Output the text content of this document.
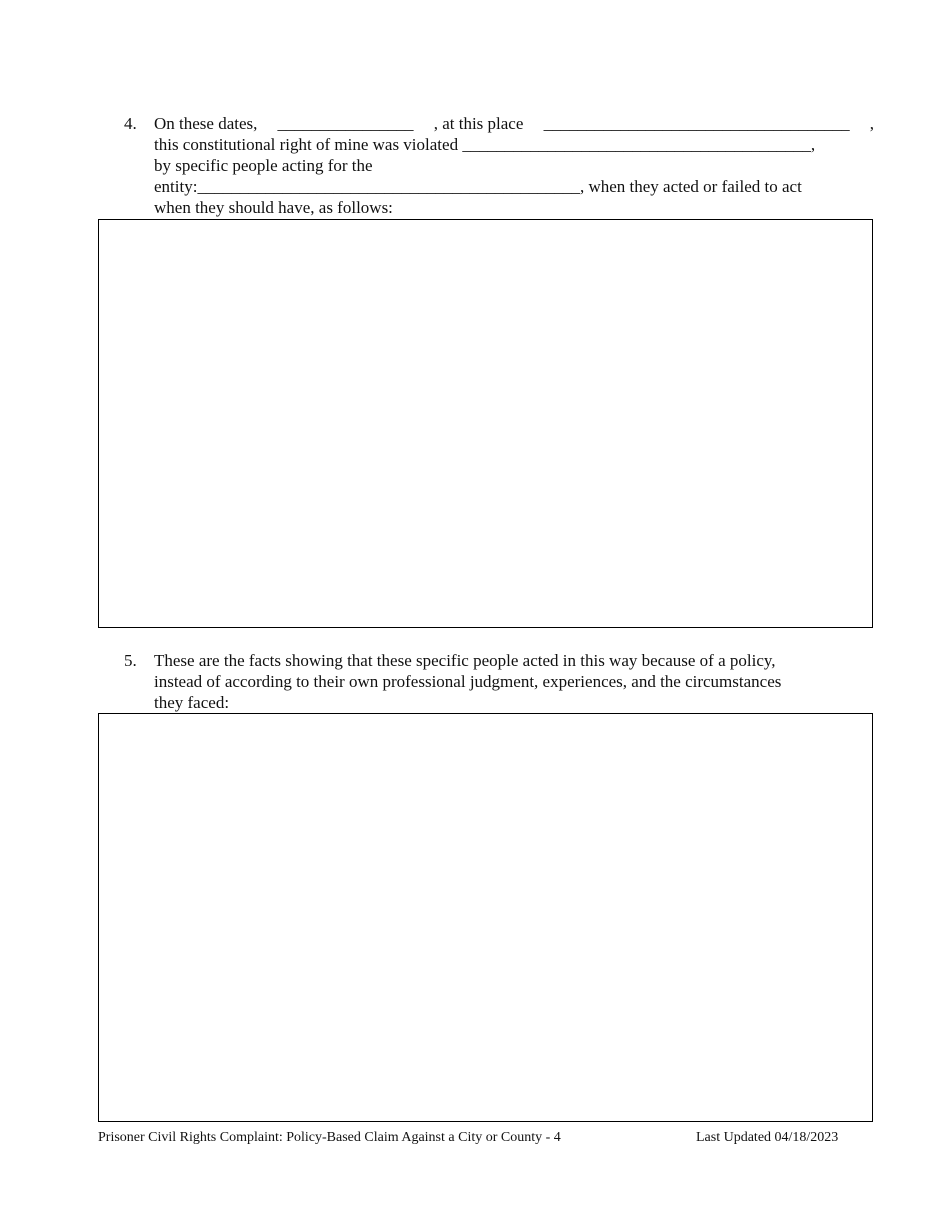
4. On these dates, ________________ , at this place ____________________________________ ,
this constitutional right of mine was violated _________________________________________,
by specific people acting for the
entity:_____________________________________________, when they acted or failed to act
when they should have, as follows:
5. These are the facts showing that these specific people acted in this way because of a policy,
instead of according to their own professional judgment, experiences, and the circumstances
they faced:
Prisoner Civil Rights Complaint: Policy-Based Claim Against a City or County - 4	Last Updated 04/18/2023
